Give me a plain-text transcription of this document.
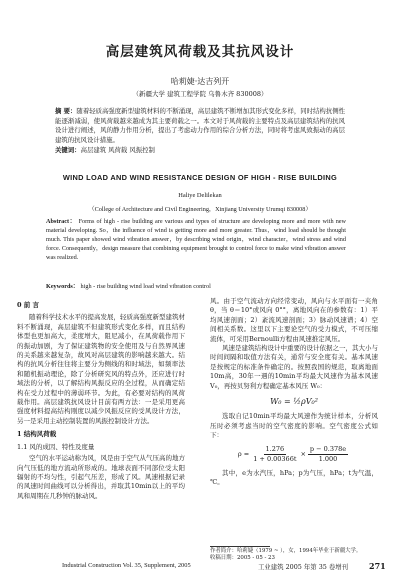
高层建筑风荷载及其抗风设计
哈莉婕·达吉列开
（新疆大学 建筑工程学院 乌鲁木齐 830008）
摘 要：随着轻质高强度新型建筑材料的不断涌现，高层建筑不断增加其形式变化多样，同时结构抗侧性能逐渐减弱，使风荷载越来越成为其主要荷载之一。本文对于风荷载的主要特点及高层建筑结构的抗风设计进行阐述，风的静力作用分析，提出了考虑动力作用的综合分析方法，同时将考虑风致振动的高层建筑的抗风设计措施。
关键词：高层建筑 风荷载 风振控制
WIND LOAD AND WIND RESISTANCE DESIGN OF HIGH - RISE BUILDING
Haliye Delilekan
（College of Architecture and Civil Engineering，Xinjiang University Urumqi 830008）
Abstract： Forms of high - rise building are various and types of structure are developing more and more with new material developing. So，the influence of wind is getting more and more greater. Thus，wind load should be thought much. This paper showed wind vibration answer，by describing wind origin，wind character，wind stress and wind force. Consequently，design measure that combining equipment brought to control force to make wind vibration answer was realized.
Keywords： high - rise building wind load wind vibration control
0 前 言

随着科学技术水平的提高发展，轻质高强度新型建筑材料不断涌现，高层建筑不但建筑形式变化多样，而且结构体型也更加高大，柔度增大，阻尼减小，在风荷载作用下的振动加剧，为了保证建筑物的安全使用及与自然界风速的关系越来越复杂，故风对高层建筑的影响越来越大。结构的抗风分析往往将主要分为侧线的和时域法，如频率法和随机振动理论，除了分析研究风的特点外，还应进行时域法的分析，以了解结构风振反应的全过程，从而确定结构在受力过程中的薄弱环节。为此，有必要对结构的风荷载作用。高层建筑抗风设计目前有两方法：一是采用更高强度材料提高结构刚度以减少风振反应的受风设计方法，另一是采用主动控制装置的风振控制设计方法。

1 结构风荷载
1.1 风的成因、特性及度量

空气的水平运动称为风，风是由于空气从气压高的地方向气压低的地方流动所形成的。地球表面不同部位受太阳辐射的不均匀性，引起气压差，形成了风。风速根据记录的风速时间曲线可以分析得出，并取其10min以上的平均风和周期在几秒钟的脉动风。

风。由于空气流动方向经常变动，风向与水平面有一夹角 θ，当 θ＝10°或风向 0°°，离地风向在的参数有：1）平均风速剖面；2）紊流风速剖面；3）脉动风速谱；4）空间相关系数。这里以下主要论空气的受力模式，不可压缩流体，可采用Bernoulli方程由风速推定风压。

风速是建筑结构设计中重要的设计依据之一，其大小与时间间隔和取值方法有关，通常与安全度有关。基本风速是按规定的标准条件确定的。按照我国的规范，取离地面10m高，30年一遇的10min平均最大风速作为基本风速 V₀，再按贝努利方程确定基本风压 W₀：

W₀ = ½ρV₀²

选取自记10min平均最大风速作为统计样本，分析风压时必须考虑当时的空气密度的影响。空气密度公式如下：

$\rho = \frac{1.276}{1 + 0.00366t} \times \frac{p - 0.378e}{1.000}$

其中，e为水汽压，hPa；p为气压，hPa；t为气温，℃。

作者简介：哈莉婕（1979 ~ ），女，1994年毕业于新疆大学。
收稿日期：2005 - 05 - 23
Industrial Construction Vol. 35, Supplement, 2005	工业建筑 2005 年第 35 卷增刊	271
